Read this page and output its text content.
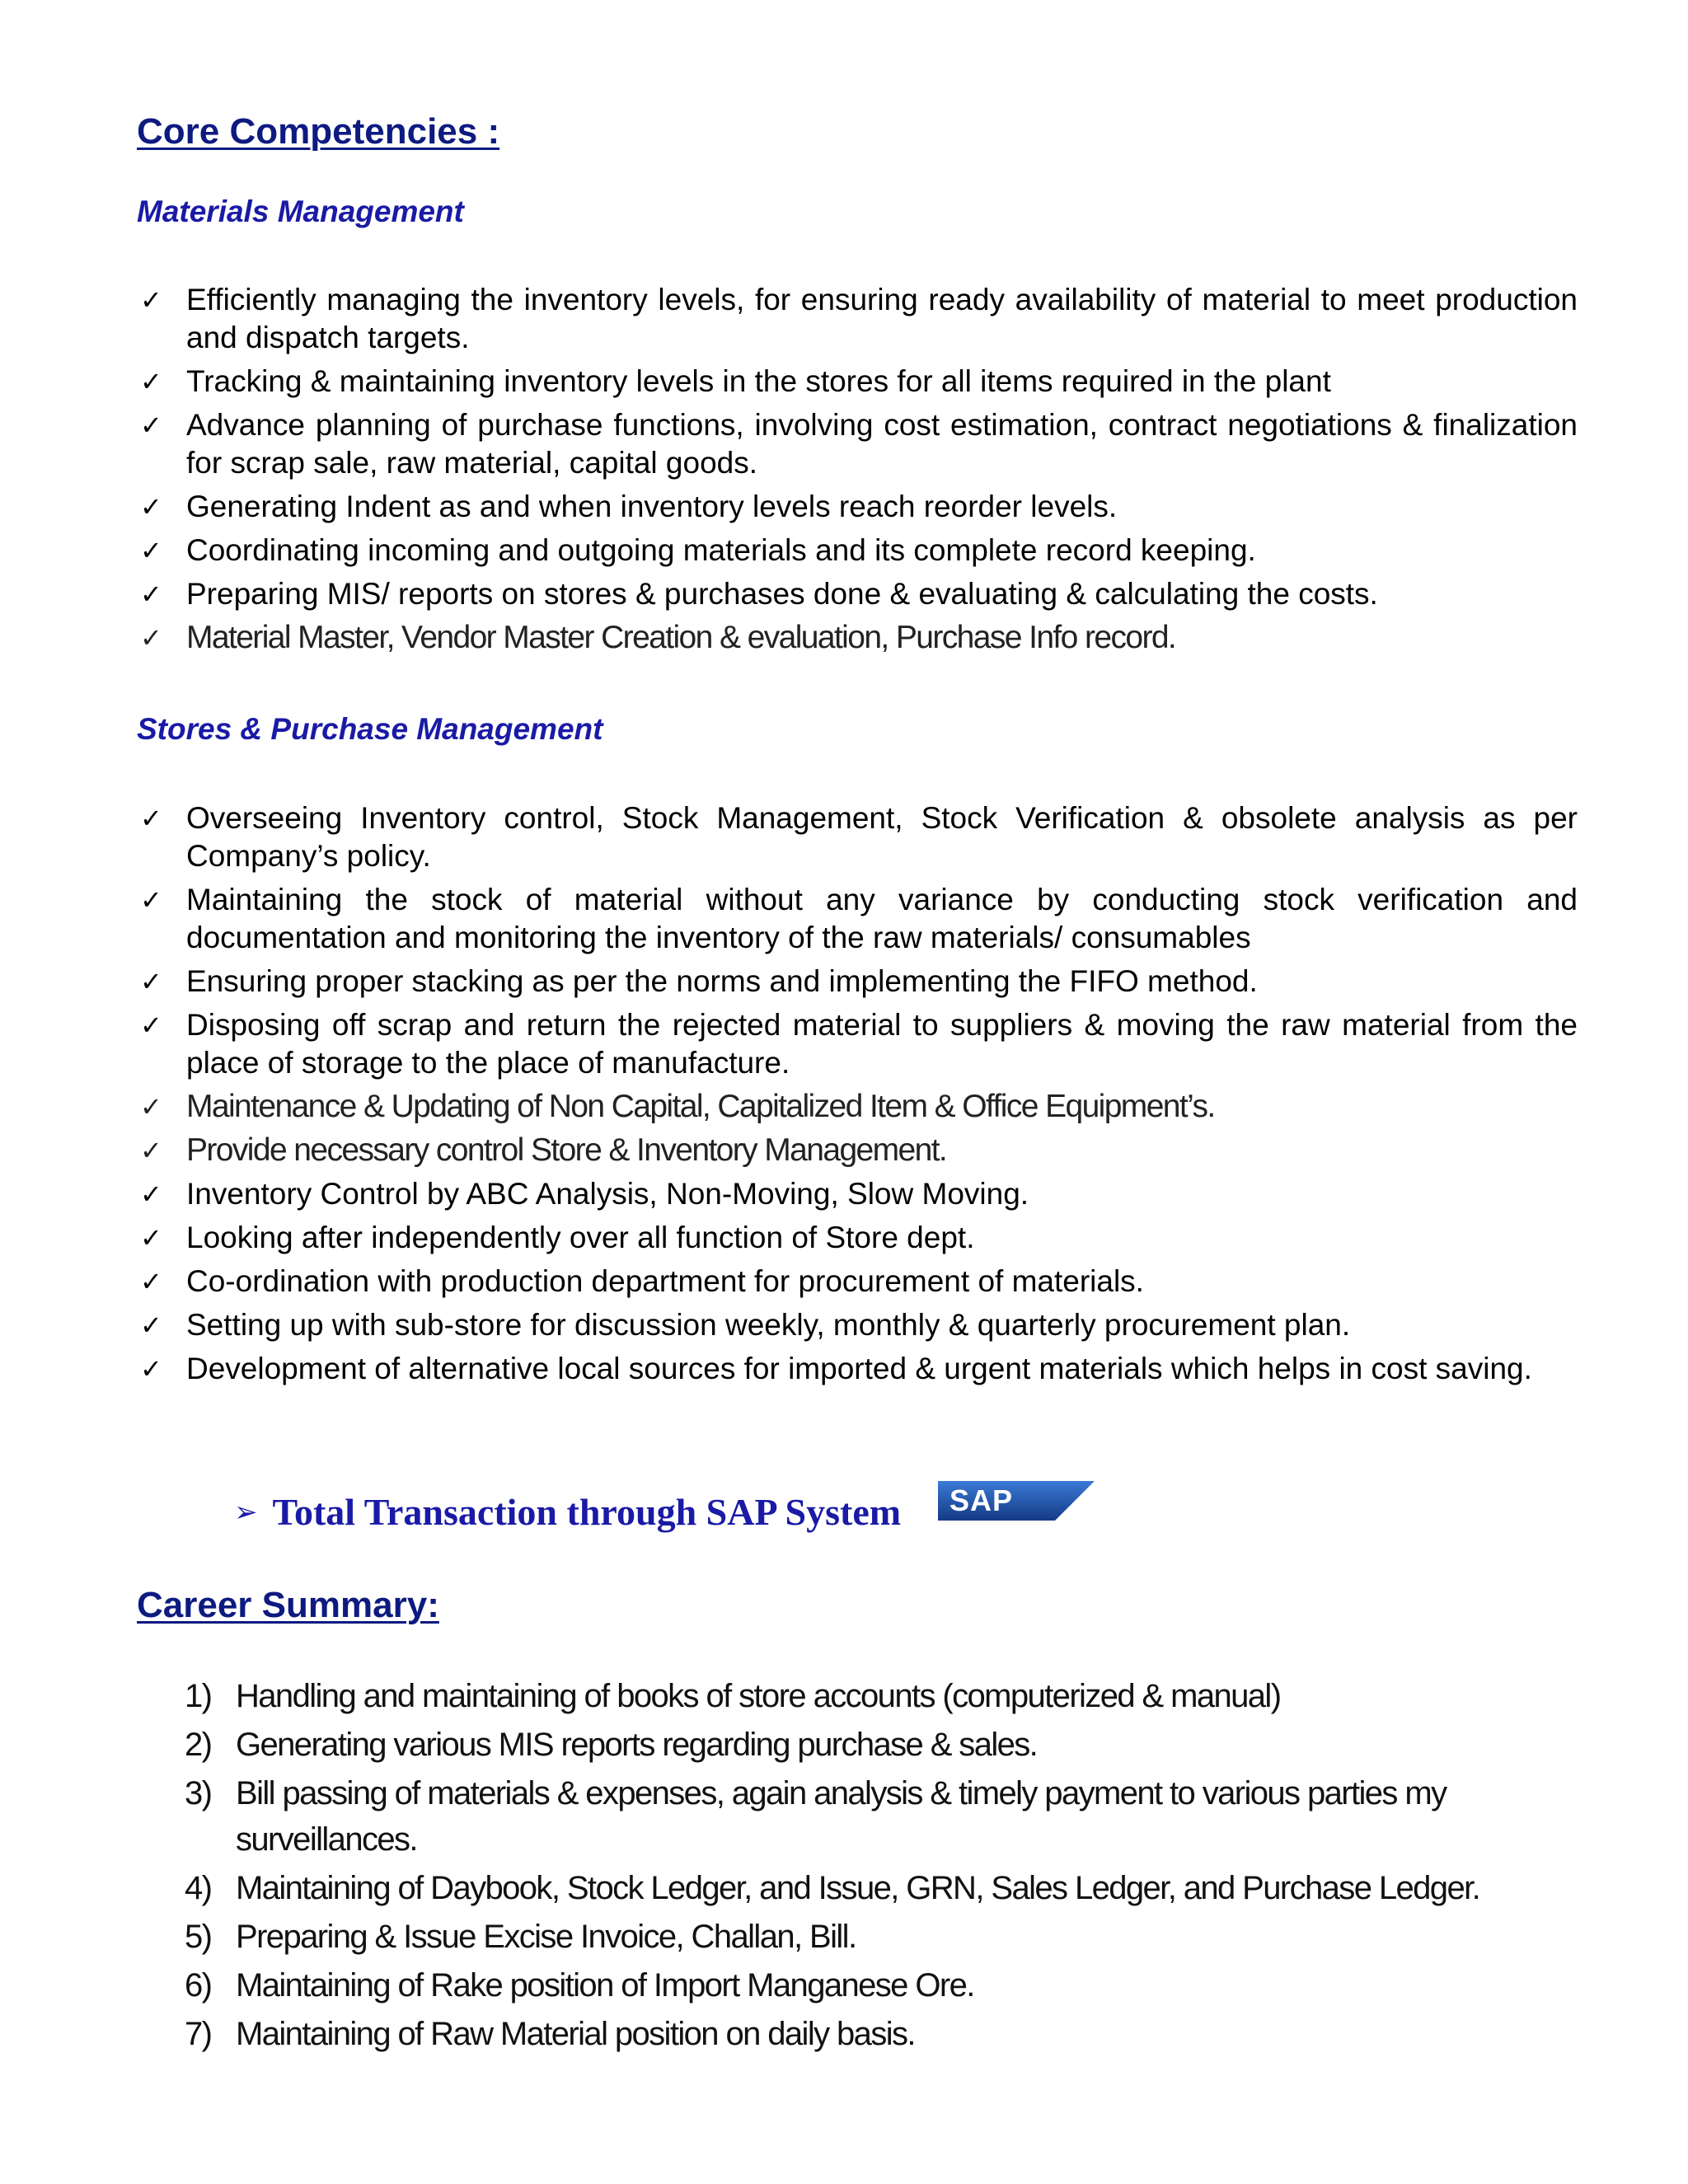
Core Competencies :
Materials Management
✓ Efficiently managing the inventory levels, for ensuring ready availability of material to meet production and dispatch targets.
✓ Tracking & maintaining inventory levels in the stores for all items required in the plant
✓ Advance planning of purchase functions, involving cost estimation, contract negotiations & finalization for scrap sale, raw material, capital goods.
✓ Generating Indent as and when inventory levels reach reorder levels.
✓ Coordinating incoming and outgoing materials and its complete record keeping.
✓ Preparing MIS/ reports on stores & purchases done & evaluating & calculating the costs.
✓ Material Master, Vendor Master Creation & evaluation, Purchase Info record.
Stores & Purchase Management
✓ Overseeing Inventory control, Stock Management, Stock Verification & obsolete analysis as per Company’s policy.
✓ Maintaining the stock of material without any variance by conducting stock verification and documentation and monitoring the inventory of the raw materials/ consumables
✓ Ensuring proper stacking as per the norms and implementing the FIFO method.
✓ Disposing off scrap and return the rejected material to suppliers & moving the raw material from the place of storage to the place of manufacture.
✓ Maintenance & Updating of Non Capital, Capitalized Item & Office Equipment’s.
✓ Provide necessary control Store & Inventory Management.
✓ Inventory Control by ABC Analysis, Non-Moving, Slow Moving.
✓ Looking after independently over all function of Store dept.
✓ Co-ordination with production department for procurement of materials.
✓ Setting up with sub-store for discussion weekly, monthly & quarterly procurement plan.
✓ Development of alternative local sources for imported & urgent materials which helps in cost saving.
➢ Total Transaction through SAP System SAP
Career Summary:
1) Handling and maintaining of books of store accounts (computerized & manual)
2) Generating various MIS reports regarding purchase & sales.
3) Bill passing of materials & expenses, again analysis & timely payment to various parties my surveillances.
4) Maintaining of Daybook, Stock Ledger, and Issue, GRN, Sales Ledger, and Purchase Ledger.
5) Preparing & Issue Excise Invoice, Challan, Bill.
6) Maintaining of Rake position of Import Manganese Ore.
7) Maintaining of Raw Material position on daily basis.
